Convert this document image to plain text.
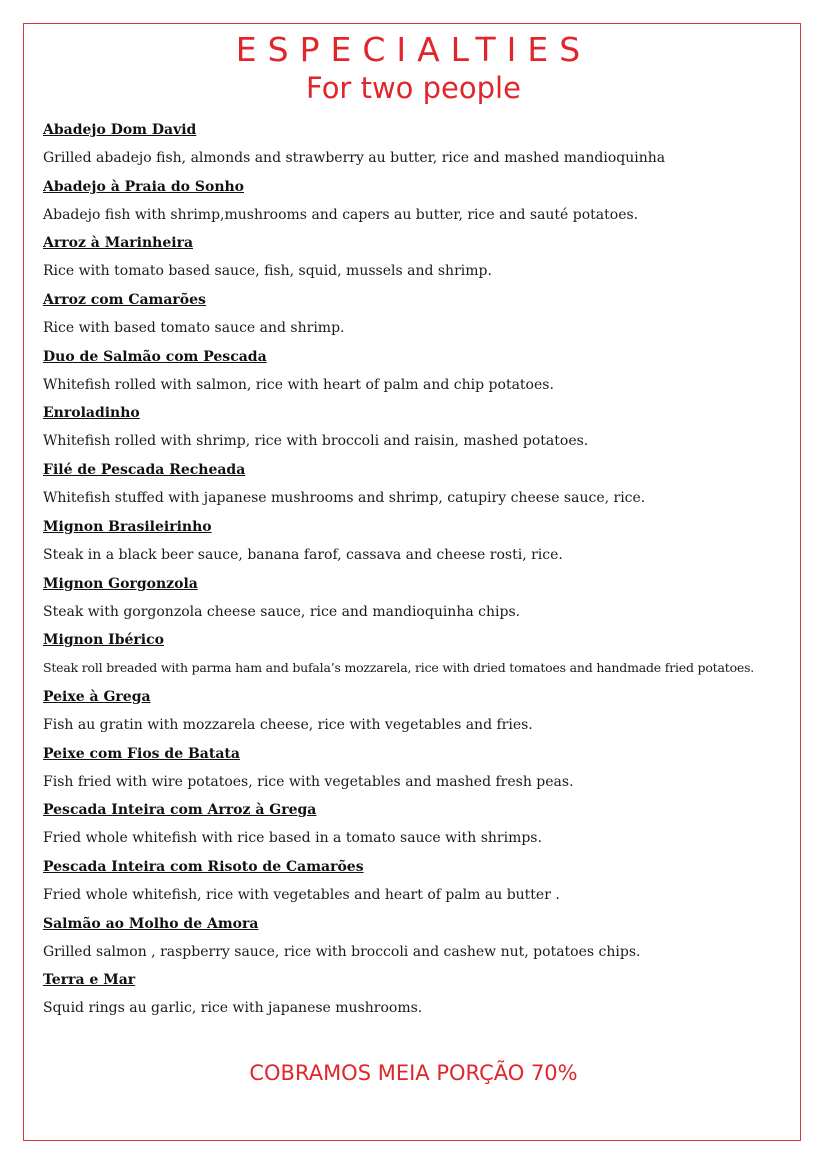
ESPECIALTIES
For two people
Abadejo Dom David
Grilled abadejo fish, almonds and strawberry au butter, rice and mashed mandioquinha
Abadejo à Praia do Sonho
Abadejo fish with shrimp,mushrooms and capers au butter, rice and sauté potatoes.
Arroz à Marinheira
Rice with tomato based sauce, fish, squid, mussels and shrimp.
Arroz com Camarões
Rice with based tomato sauce and shrimp.
Duo de Salmão com Pescada
Whitefish rolled with salmon, rice with heart of palm and chip potatoes.
Enroladinho
Whitefish rolled with shrimp, rice with broccoli and raisin, mashed potatoes.
Filé de Pescada Recheada
Whitefish stuffed with japanese mushrooms and shrimp, catupiry cheese sauce, rice.
Mignon Brasileirinho
Steak in a black beer sauce, banana farof, cassava and cheese rosti, rice.
Mignon Gorgonzola
Steak with gorgonzola cheese sauce, rice and mandioquinha chips.
Mignon Ibérico
Steak roll breaded with parma ham and bufala’s mozzarela, rice with dried tomatoes and handmade fried potatoes.
Peixe à Grega
Fish au gratin with mozzarela cheese, rice with vegetables and fries.
Peixe com Fios de Batata
Fish fried with wire potatoes, rice with vegetables and mashed fresh peas.
Pescada Inteira com Arroz à Grega
Fried whole whitefish with rice based in a tomato sauce with shrimps.
Pescada Inteira com Risoto de Camarões
Fried whole whitefish, rice with vegetables and heart of palm au butter .
Salmão ao Molho de Amora
Grilled salmon , raspberry sauce, rice with broccoli and cashew nut, potatoes chips.
Terra e Mar
Squid rings au garlic, rice with japanese mushrooms.

COBRAMOS MEIA PORÇÃO 70%
